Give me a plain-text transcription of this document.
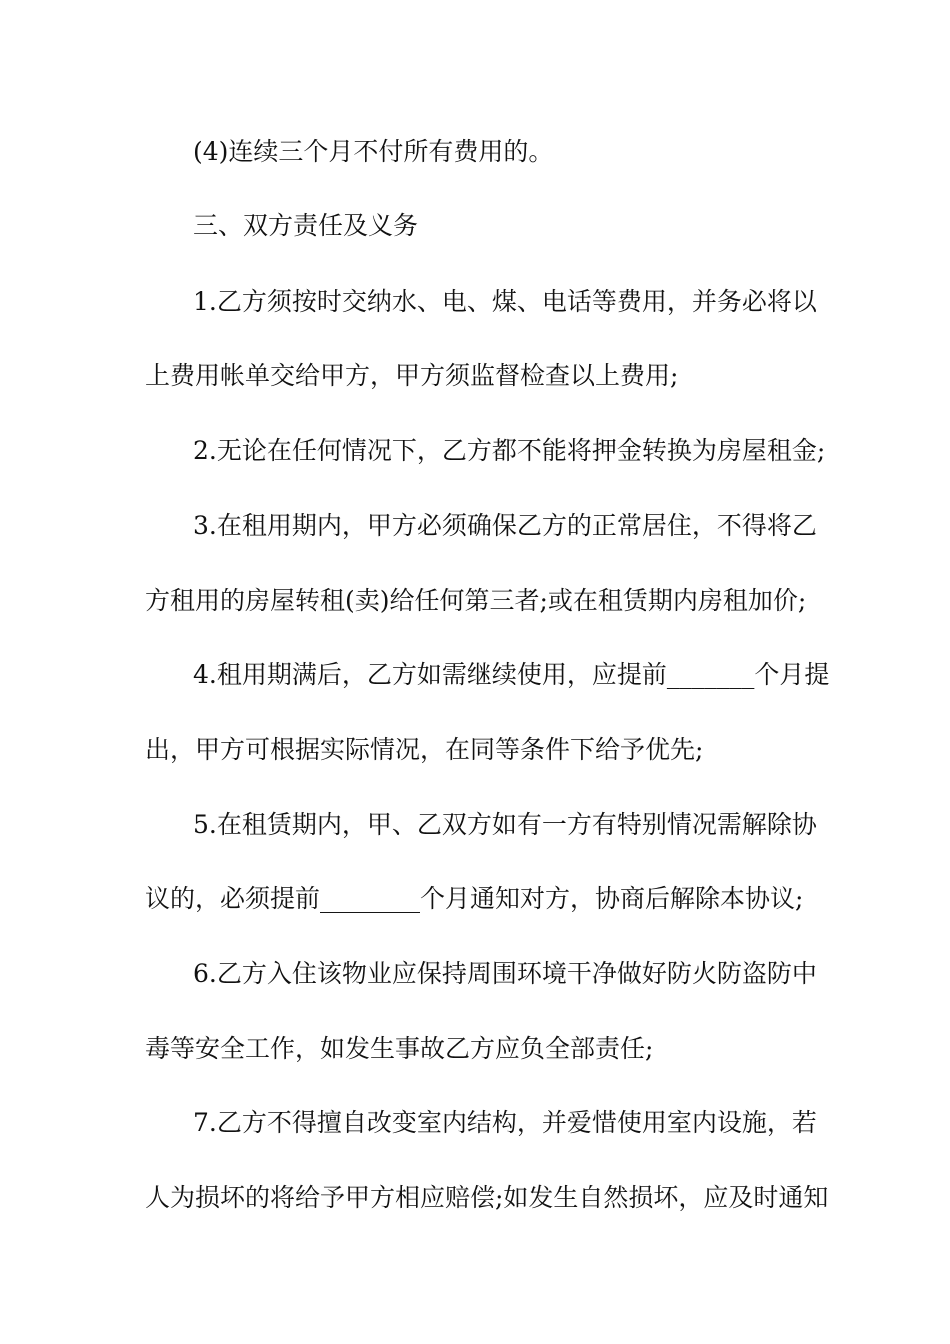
(4)连续三个月不付所有费用的。
三、双方责任及义务
1.乙方须按时交纳水、电、煤、电话等费用，并务必将以
上费用帐单交给甲方，甲方须监督检查以上费用;
2.无论在任何情况下，乙方都不能将押金转换为房屋租金;
3.在租用期内，甲方必须确保乙方的正常居住，不得将乙
方租用的房屋转租(卖)给任何第三者;或在租赁期内房租加价;
4.租用期满后，乙方如需继续使用，应提前_______个月提
出，甲方可根据实际情况，在同等条件下给予优先;
5.在租赁期内，甲、乙双方如有一方有特别情况需解除协
议的，必须提前________个月通知对方，协商后解除本协议;
6.乙方入住该物业应保持周围环境干净做好防火防盗防中
毒等安全工作，如发生事故乙方应负全部责任;
7.乙方不得擅自改变室内结构，并爱惜使用室内设施，若
人为损坏的将给予甲方相应赔偿;如发生自然损坏，应及时通知
